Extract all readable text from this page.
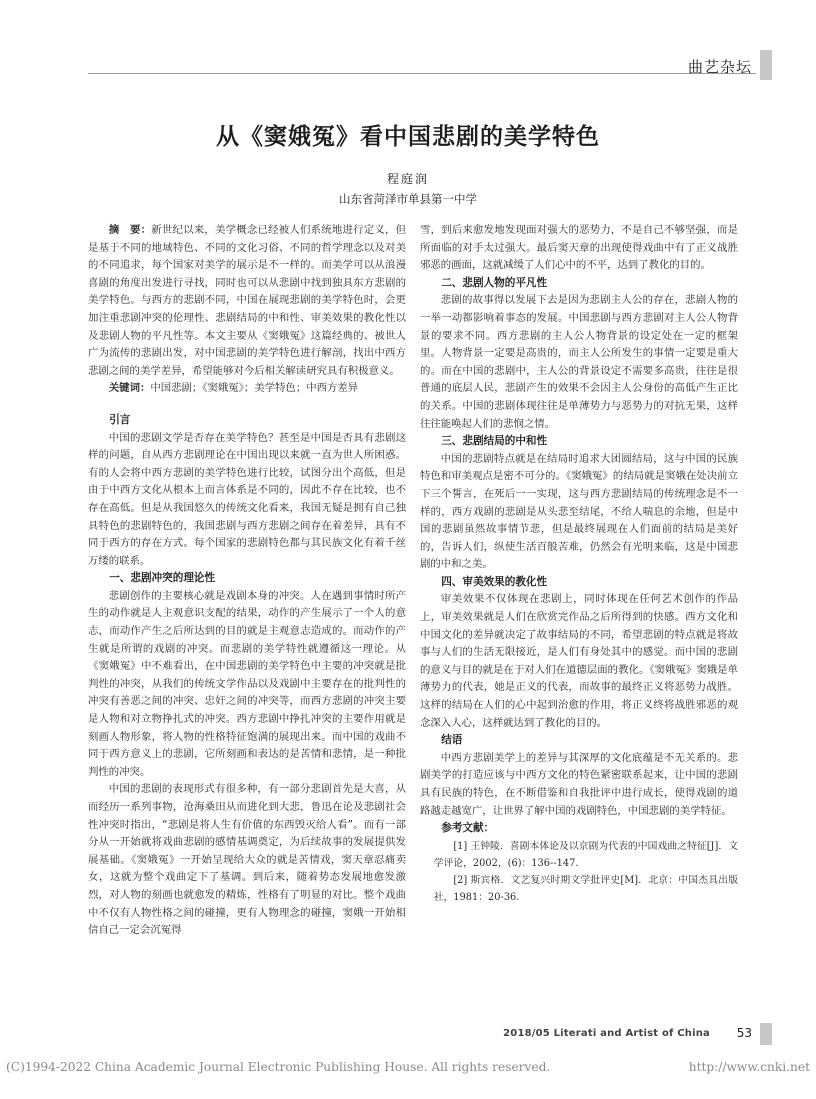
曲艺杂坛
从《窦娥冤》看中国悲剧的美学特色
程庭润
山东省菏泽市单县第一中学

摘　要：新世纪以来，美学概念已经被人们系统地进行定义，但是基于不同的地域特色、不同的文化习俗、不同的哲学理念以及对美的不同追求，每个国家对美学的展示是不一样的。而美学可以从浪漫喜剧的角度出发进行寻找，同时也可以从悲剧中找到独具东方悲剧的美学特色。与西方的悲剧不同，中国在展现悲剧的美学特色时，会更加注重悲剧冲突的伦理性、悲剧结局的中和性、审美效果的教化性以及悲剧人物的平凡性等。本文主要从《窦娥冤》这篇经典的、被世人广为流传的悲剧出发，对中国悲剧的美学特色进行解剖，找出中西方悲剧之间的美学差异，希望能够对今后相关解读研究具有积极意义。

关键词：中国悲剧；《窦娥冤》；美学特色；中西方差异

引言

中国的悲剧文学是否存在美学特色？甚至是中国是否具有悲剧这样的问题，自从西方悲剧理论在中国出现以来就一直为世人所困惑。有的人会将中西方悲剧的美学特色进行比较，试图分出个高低，但是由于中西方文化从根本上而言体系是不同的，因此不存在比较，也不存在高低。但是从我国悠久的传统文化看来，我国无疑是拥有自己独具特色的悲剧特色的，我国悲剧与西方悲剧之间存在着差异，具有不同于西方的存在方式。每个国家的悲剧特色都与其民族文化有着千丝万缕的联系。

一、悲剧冲突的理论性

悲剧创作的主要核心就是戏剧本身的冲突。人在遇到事情时所产生的动作就是人主观意识支配的结果，动作的产生展示了一个人的意志，而动作产生之后所达到的目的就是主观意志造成的。而动作的产生就是所谓的戏剧的冲突。而悲剧的美学特性就遵循这一理论。从《窦娥冤》中不难看出，在中国悲剧的美学特色中主要的冲突就是批判性的冲突，从我们的传统文学作品以及戏剧中主要存在的批判性的冲突有善恶之间的冲突、忠奸之间的冲突等，而西方悲剧的冲突主要是人物和对立物挣扎式的冲突。西方悲剧中挣扎冲突的主要作用就是刻画人物形象，将人物的性格特征饱满的展现出来。而中国的戏曲不同于西方意义上的悲剧，它所刻画和表达的是苦情和悲情，是一种批判性的冲突。

中国的悲剧的表现形式有很多种，有一部分悲剧首先是大喜，从而经历一系列事物，沧海桑田从而进化到大悲，鲁迅在论及悲剧社会性冲突时指出，“悲剧是将人生有价值的东西毁灭给人看”。而有一部分从一开始就将戏曲悲剧的感情基调奠定，为后续故事的发展提供发展基础。《窦娥冤》一开始呈现给大众的就是苦情戏，窦天章忍痛卖女，这就为整个戏曲定下了基调。到后来，随着势态发展地愈发激烈，对人物的刻画也就愈发的精炼，性格有了明显的对比。整个戏曲中不仅有人物性格之间的碰撞，更有人物理念的碰撞，窦娥一开始相信自己一定会沉冤得

雪，到后来愈发地发现面对强大的恶势力，不是自己不够坚强，而是所面临的对手太过强大。最后窦天章的出现使得戏曲中有了正义战胜邪恶的画面，这就减缓了人们心中的不平，达到了教化的目的。

二、悲剧人物的平凡性

悲剧的故事得以发展下去是因为悲剧主人公的存在，悲剧人物的一举一动都影响着事态的发展。中国悲剧与西方悲剧对主人公人物背景的要求不同。西方悲剧的主人公人物背景的设定处在一定的框架里。人物背景一定要是高贵的，而主人公所发生的事情一定要是重大的。而在中国的悲剧中，主人公的背景设定不需要多高贵，往往是很普通的底层人民，悲剧产生的效果不会因主人公身份的高低产生正比的关系。中国的悲剧体现往往是单薄势力与恶势力的对抗无果，这样往往能唤起人们的悲悯之情。

三、悲剧结局的中和性

中国的悲剧特点就是在结局时追求大团圆结局，这与中国的民族特色和审美观点是密不可分的。《窦娥冤》的结局就是窦娥在处决前立下三个誓言，在死后一一实现，这与西方悲剧结局的传统理念是不一样的，西方戏剧的悲剧是从头悲至结尾，不给人喘息的余地，但是中国的悲剧虽然故事情节悲，但是最终展现在人们面前的结局是美好的，告诉人们，纵使生活百般苦难，仍然会有光明来临，这是中国悲剧的中和之美。

四、审美效果的教化性

审美效果不仅体现在悲剧上，同时体现在任何艺术创作的作品上，审美效果就是人们在欣赏完作品之后所得到的快感。西方文化和中国文化的差异就决定了故事结局的不同，希望悲剧的特点就是将故事与人们的生活无限接近，是人们有身处其中的感觉。而中国的悲剧的意义与目的就是在于对人们在道德层面的教化。《窦娥冤》窦娥是单薄势力的代表，她是正义的代表，而故事的最终正义将恶势力战胜。这样的结局在人们的心中起到治愈的作用，将正义终将战胜邪恶的观念深入人心，这样就达到了教化的目的。

结语

中西方悲剧美学上的差异与其深厚的文化底蕴是不无关系的。悲剧美学的打造应该与中西方文化的特色紧密联系起来，让中国的悲剧具有民族的特色，在不断借鉴和自我批评中进行成长，使得戏剧的道路越走越宽广，让世界了解中国的戏剧特色，中国悲剧的美学特征。

参考文献：

[1] 王钟陵．喜剧本体论及以京剧为代表的中国戏曲之特征[J]．文学评论，2002，(6)：136--147.

[2] 斯宾格．文艺复兴时期文学批评史[M]．北京：中国杰具出版社，1981：20-36.

2018/05 Literati and Artist of China 53
(C)1994-2022 China Academic Journal Electronic Publishing House. All rights reserved.	http://www.cnki.net
